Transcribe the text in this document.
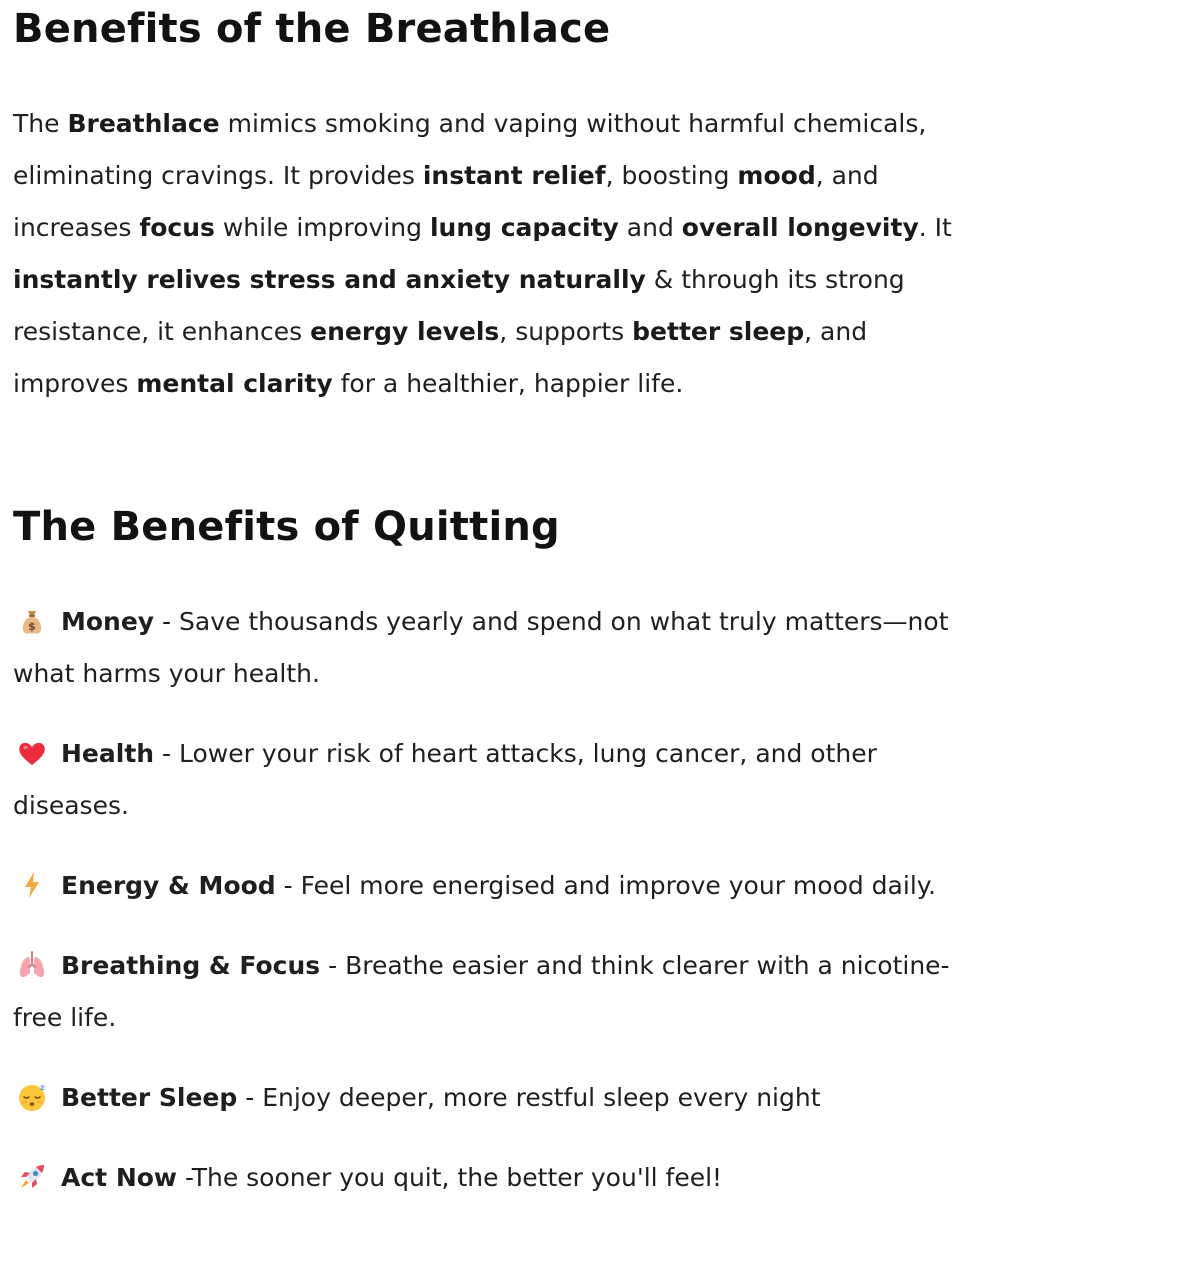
Benefits of the Breathlace

The Breathlace mimics smoking and vaping without harmful chemicals, eliminating cravings. It provides instant relief, boosting mood, and increases focus while improving lung capacity and overall longevity. It instantly relives stress and anxiety naturally & through its strong resistance, it enhances energy levels, supports better sleep, and improves mental clarity for a healthier, happier life.

The Benefits of Quitting

$ Money - Save thousands yearly and spend on what truly matters—not what harms your health.

Health - Lower your risk of heart attacks, lung cancer, and other diseases.

Energy & Mood - Feel more energised and improve your mood daily.

Breathing & Focus - Breathe easier and think clearer with a nicotine-free life.

z Better Sleep - Enjoy deeper, more restful sleep every night

Act Now -The sooner you quit, the better you'll feel!
